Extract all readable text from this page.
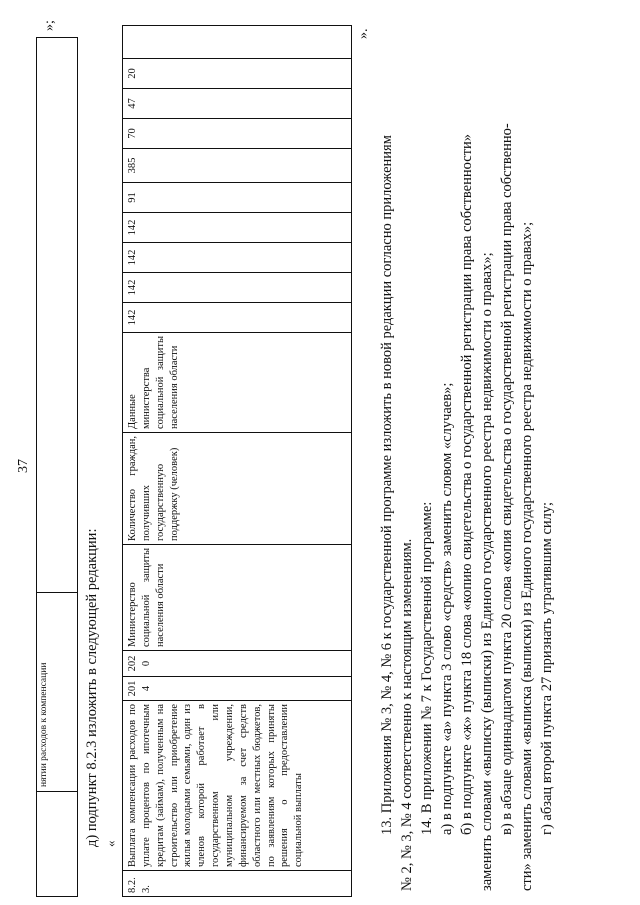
37
	нятии расходов к компенсации	
»;
д) подпункт 8.2.3 изложить в следующей редакции: «
8.2.3.	Выплата компенсации расходов по уплате процентов по ипотечным кредитам (займам), полученным на строительство или приобретение жилья молодыми семьями, один из членов которой работает в государственном или муниципальном учреждении, финансируемом за счет средств областного или местных бюджетов, по заявлениям которых приняты решения о предоставлении социальной выплаты	2014	2020	Министерство социальной защиты населения области	Количество граждан, получивших государственную поддержку (человек)	Данные министерства социальной защиты населения области	142	142	142	142	91	385	70	47	20	
».
13. Приложения № 3, № 4, № 6 к государственной программе изложить в новой редакции согласно приложениям № 2, № 3, № 4 соответственно к настоящим изменениям. 14. В приложении № 7 к Государственной программе: а) в подпункте «а» пункта 3 слово «средств» заменить словом «случаев»; б) в подпункте «ж» пункта 18 слова «копию свидетельства о государственной регистрации права собственности» заменить словами «выписку (выписки) из Единого государственного реестра недвижимости о правах»; в) в абзаце одиннадцатом пункта 20 слова «копия свидетельства о государственной регистрации права собственно- сти» заменить словами «выписка (выписки) из Единого государственного реестра недвижимости о правах»; г) абзац второй пункта 27 признать утратившим силу;
